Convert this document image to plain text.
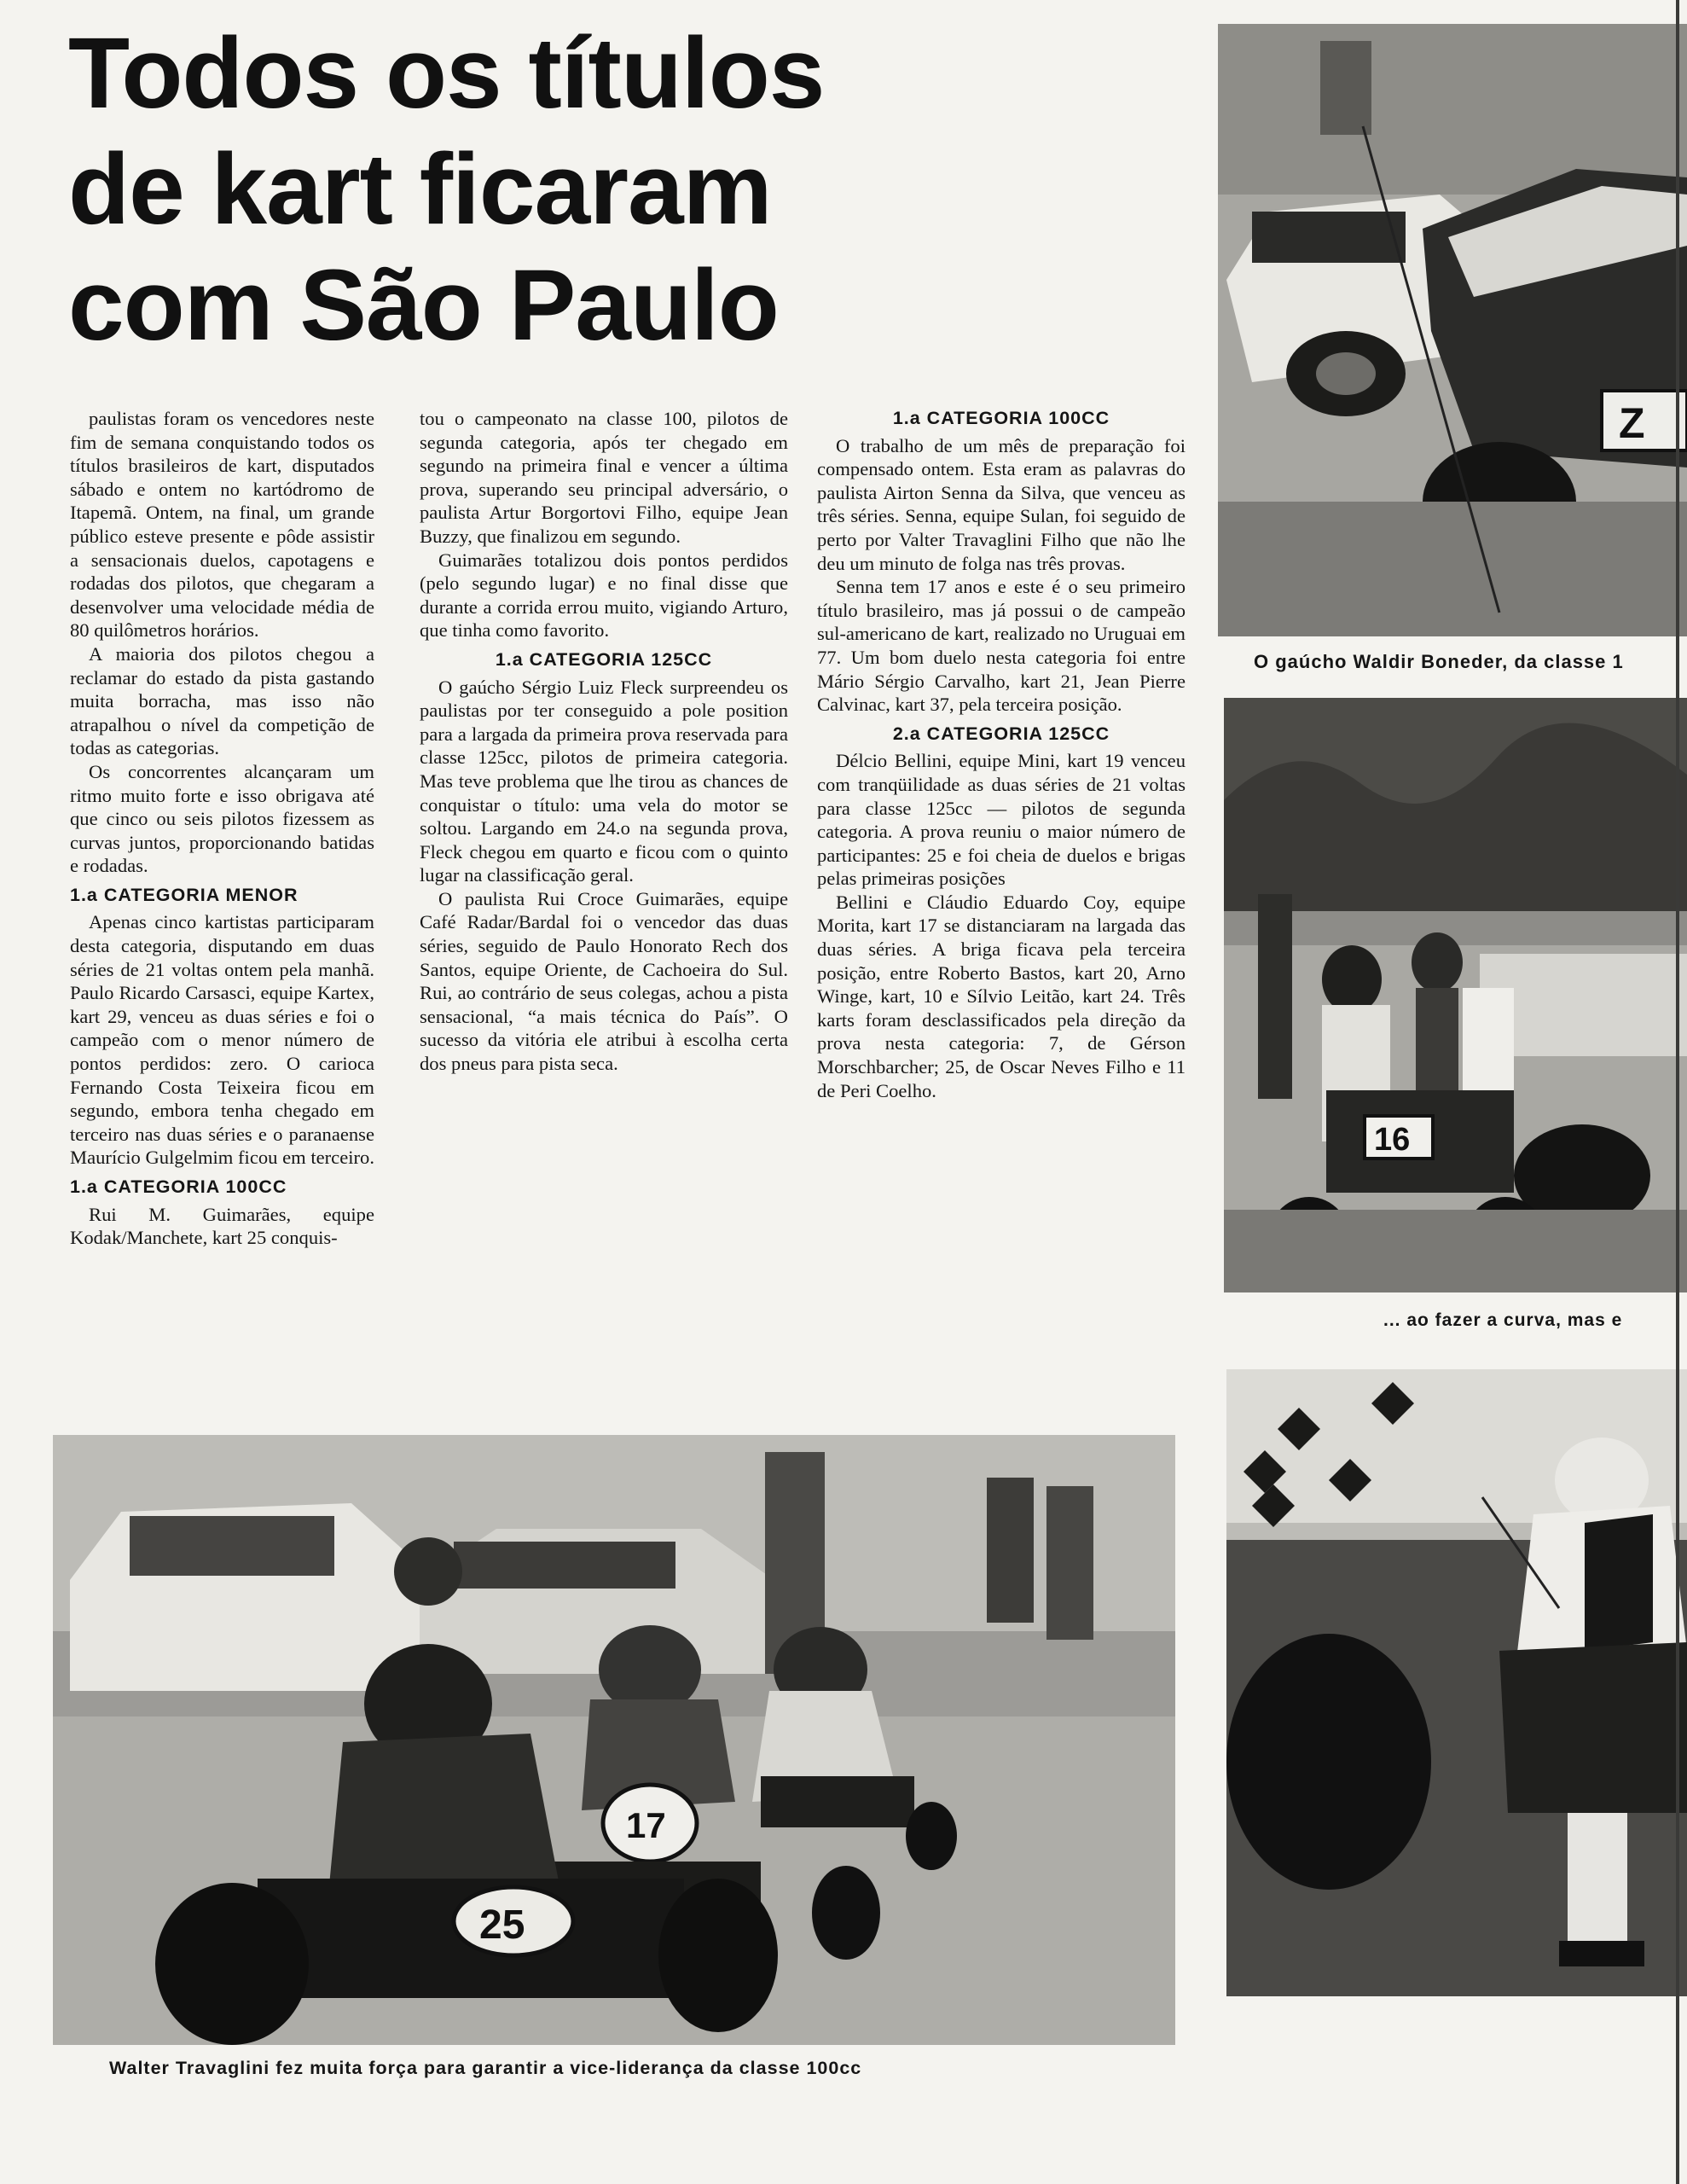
Todos os títulos
de kart ficaram
com São Paulo

paulistas foram os vencedores neste fim de semana conquistando todos os títulos brasileiros de kart, disputados sábado e ontem no kartódromo de Itapemã. Ontem, na final, um grande público esteve presente e pôde assistir a sensacionais duelos, capotagens e rodadas dos pilotos, que chegaram a desenvolver uma velocidade média de 80 quilômetros horários.

A maioria dos pilotos chegou a reclamar do estado da pista gastando muita borracha, mas isso não atrapalhou o nível da competição de todas as categorias.

Os concorrentes alcançaram um ritmo muito forte e isso obrigava até que cinco ou seis pilotos fizessem as curvas juntos, proporcionando batidas e rodadas.

1.a CATEGORIA MENOR

Apenas cinco kartistas participaram desta categoria, disputando em duas séries de 21 voltas ontem pela manhã. Paulo Ricardo Carsasci, equipe Kartex, kart 29, venceu as duas séries e foi o campeão com o menor número de pontos perdidos: zero. O carioca Fernando Costa Teixeira ficou em segundo, embora tenha chegado em terceiro nas duas séries e o paranaense Maurício Gulgelmim ficou em terceiro.

1.a CATEGORIA 100CC

Rui M. Guimarães, equipe Kodak/Manchete, kart 25 conquis-

tou o campeonato na classe 100, pilotos de segunda categoria, após ter chegado em segundo na primeira final e vencer a última prova, superando seu principal adversário, o paulista Artur Borgortovi Filho, equipe Jean Buzzy, que finalizou em segundo.

Guimarães totalizou dois pontos perdidos (pelo segundo lugar) e no final disse que durante a corrida errou muito, vigiando Arturo, que tinha como favorito.

1.a CATEGORIA 125CC

O gaúcho Sérgio Luiz Fleck surpreendeu os paulistas por ter conseguido a pole position para a largada da primeira prova reservada para classe 125cc, pilotos de primeira categoria. Mas teve problema que lhe tirou as chances de conquistar o título: uma vela do motor se soltou. Largando em 24.o na segunda prova, Fleck chegou em quarto e ficou com o quinto lugar na classificação geral.

O paulista Rui Croce Guimarães, equipe Café Radar/Bardal foi o vencedor das duas séries, seguido de Paulo Honorato Rech dos Santos, equipe Oriente, de Cachoeira do Sul. Rui, ao contrário de seus colegas, achou a pista sensacional, “a mais técnica do País”. O sucesso da vitória ele atribui à escolha certa dos pneus para pista seca.

1.a CATEGORIA 100CC

O trabalho de um mês de preparação foi compensado ontem. Esta eram as palavras do paulista Airton Senna da Silva, que venceu as três séries. Senna, equipe Sulan, foi seguido de perto por Valter Travaglini Filho que não lhe deu um minuto de folga nas três provas.

Senna tem 17 anos e este é o seu primeiro título brasileiro, mas já possui o de campeão sul-americano de kart, realizado no Uruguai em 77. Um bom duelo nesta categoria foi entre Mário Sérgio Carvalho, kart 21, Jean Pierre Calvinac, kart 37, pela terceira posição.

2.a CATEGORIA 125CC

Délcio Bellini, equipe Mini, kart 19 venceu com tranqüilidade as duas séries de 21 voltas para classe 125cc — pilotos de segunda categoria. A prova reuniu o maior número de participantes: 25 e foi cheia de duelos e brigas pelas primeiras posições

Bellini e Cláudio Eduardo Coy, equipe Morita, kart 17 se distanciaram na largada das duas séries. A briga ficava pela terceira posição, entre Roberto Bastos, kart 20, Arno Winge, kart, 10 e Sílvio Leitão, kart 24. Três karts foram desclassificados pela direção da prova nesta categoria: 7, de Gérson Morschbarcher; 25, de Oscar Neves Filho e 11 de Peri Coelho.

Z
O gaúcho Waldir Boneder, da classe 1
16
... ao fazer a curva, mas e
17
25
Walter Travaglini fez muita força para garantir a vice-liderança da classe 100cc
